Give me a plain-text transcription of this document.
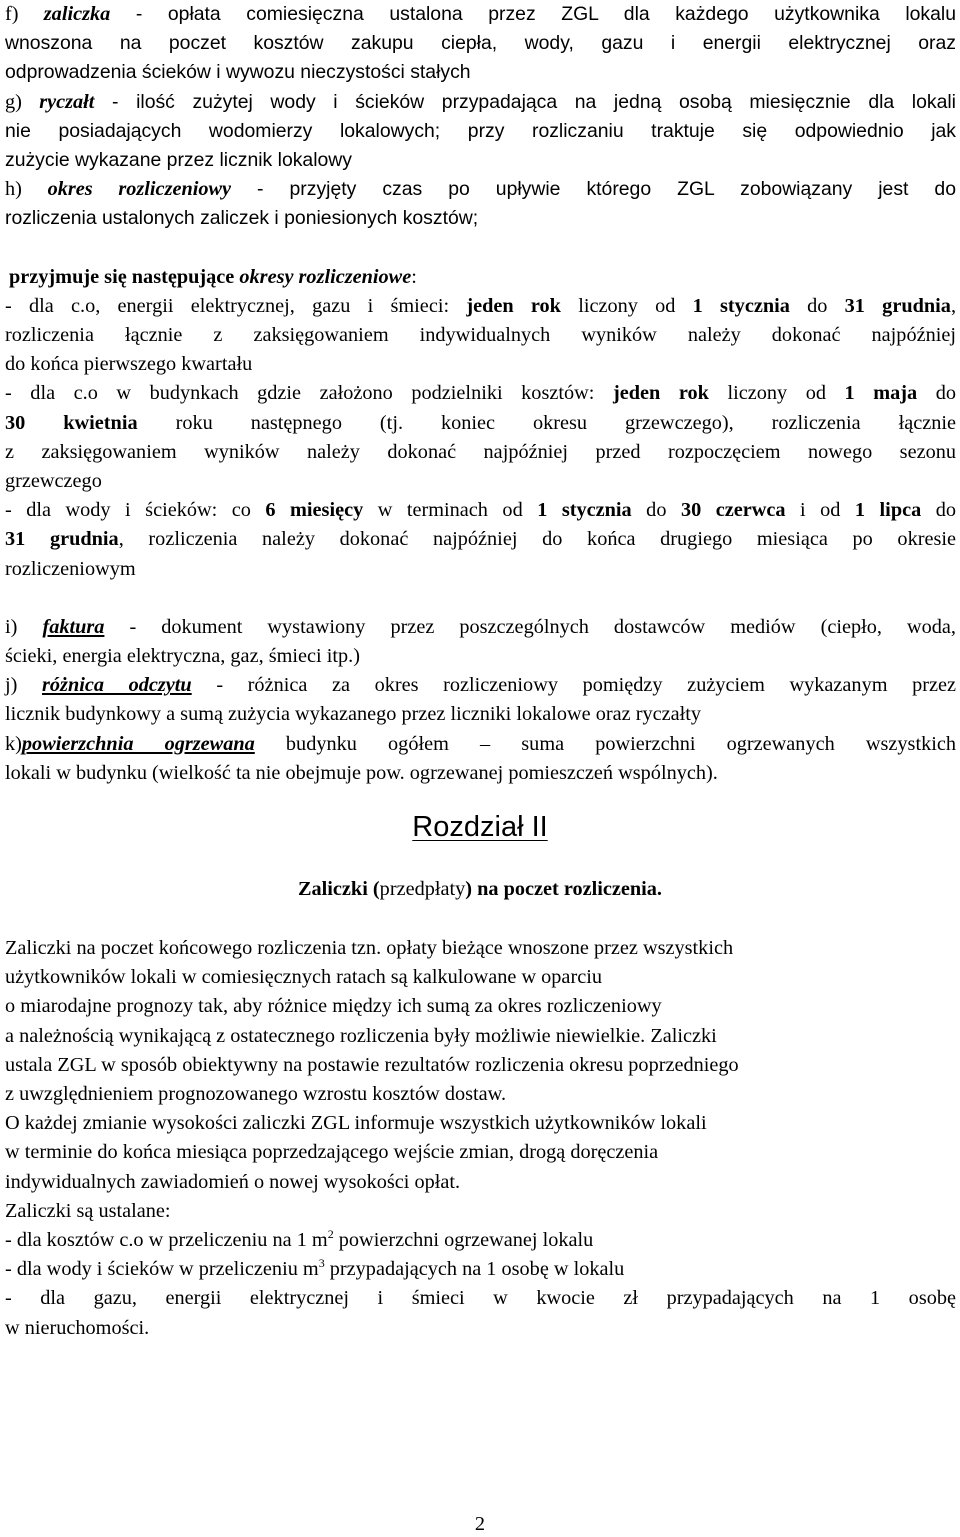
f) zaliczka - opłata comiesięczna ustalona przez ZGL dla każdego użytkownika lokalu

wnoszona na poczet kosztów zakupu ciepła, wody, gazu i energii elektrycznej oraz

odprowadzenia ścieków i wywozu nieczystości stałych

g) ryczałt - ilość zużytej wody i ścieków przypadająca na jedną osobą miesięcznie dla lokali

nie posiadających wodomierzy lokalowych; przy rozliczaniu traktuje się odpowiednio jak

zużycie wykazane przez licznik lokalowy

h) okres rozliczeniowy - przyjęty czas po upływie którego ZGL zobowiązany jest do

rozliczenia ustalonych zaliczek i poniesionych kosztów;

przyjmuje się następujące okresy rozliczeniowe:

- dla c.o, energii elektrycznej, gazu i śmieci: jeden rok liczony od 1 stycznia do 31 grudnia,

rozliczenia łącznie z zaksięgowaniem indywidualnych wyników należy dokonać najpóźniej

do końca pierwszego kwartału

- dla c.o w budynkach gdzie założono podzielniki kosztów: jeden rok liczony od 1 maja do

30 kwietnia roku następnego (tj. koniec okresu grzewczego), rozliczenia łącznie

z zaksięgowaniem wyników należy dokonać najpóźniej przed rozpoczęciem nowego sezonu

grzewczego

- dla wody i ścieków: co 6 miesięcy w terminach od 1 stycznia do 30 czerwca i od 1 lipca do

31 grudnia, rozliczenia należy dokonać najpóźniej do końca drugiego miesiąca po okresie

rozliczeniowym

i) faktura - dokument wystawiony przez poszczególnych dostawców mediów (ciepło, woda,

ścieki, energia elektryczna, gaz, śmieci itp.)

j) różnica odczytu - różnica za okres rozliczeniowy pomiędzy zużyciem wykazanym przez

licznik budynkowy a sumą zużycia wykazanego przez liczniki lokalowe oraz ryczałty

k)powierzchnia ogrzewana budynku ogółem – suma powierzchni ogrzewanych wszystkich

lokali w budynku (wielkość ta nie obejmuje pow. ogrzewanej pomieszczeń wspólnych).

Rozdział II
Zaliczki (przedpłaty) na poczet rozliczenia.

Zaliczki na poczet końcowego rozliczenia tzn. opłaty bieżące wnoszone przez wszystkich

użytkowników lokali w comiesięcznych ratach są kalkulowane w oparciu

o miarodajne prognozy tak, aby różnice między ich sumą za okres rozliczeniowy

a należnością wynikającą z ostatecznego rozliczenia były możliwie niewielkie. Zaliczki

ustala ZGL w sposób obiektywny na postawie rezultatów rozliczenia okresu poprzedniego

z uwzględnieniem prognozowanego wzrostu kosztów dostaw.

O każdej zmianie wysokości zaliczki ZGL informuje wszystkich użytkowników lokali

w terminie do końca miesiąca poprzedzającego wejście zmian, drogą doręczenia

indywidualnych zawiadomień o nowej wysokości opłat.

Zaliczki są ustalane:

- dla kosztów c.o w przeliczeniu na 1 $m^2$ powierzchni ogrzewanej lokalu

- dla wody i ścieków w przeliczeniu $m^3$ przypadających na 1 osobę w lokalu

- dla gazu, energii elektrycznej i śmieci w kwocie zł przypadających na 1 osobę

w nieruchomości.

2
